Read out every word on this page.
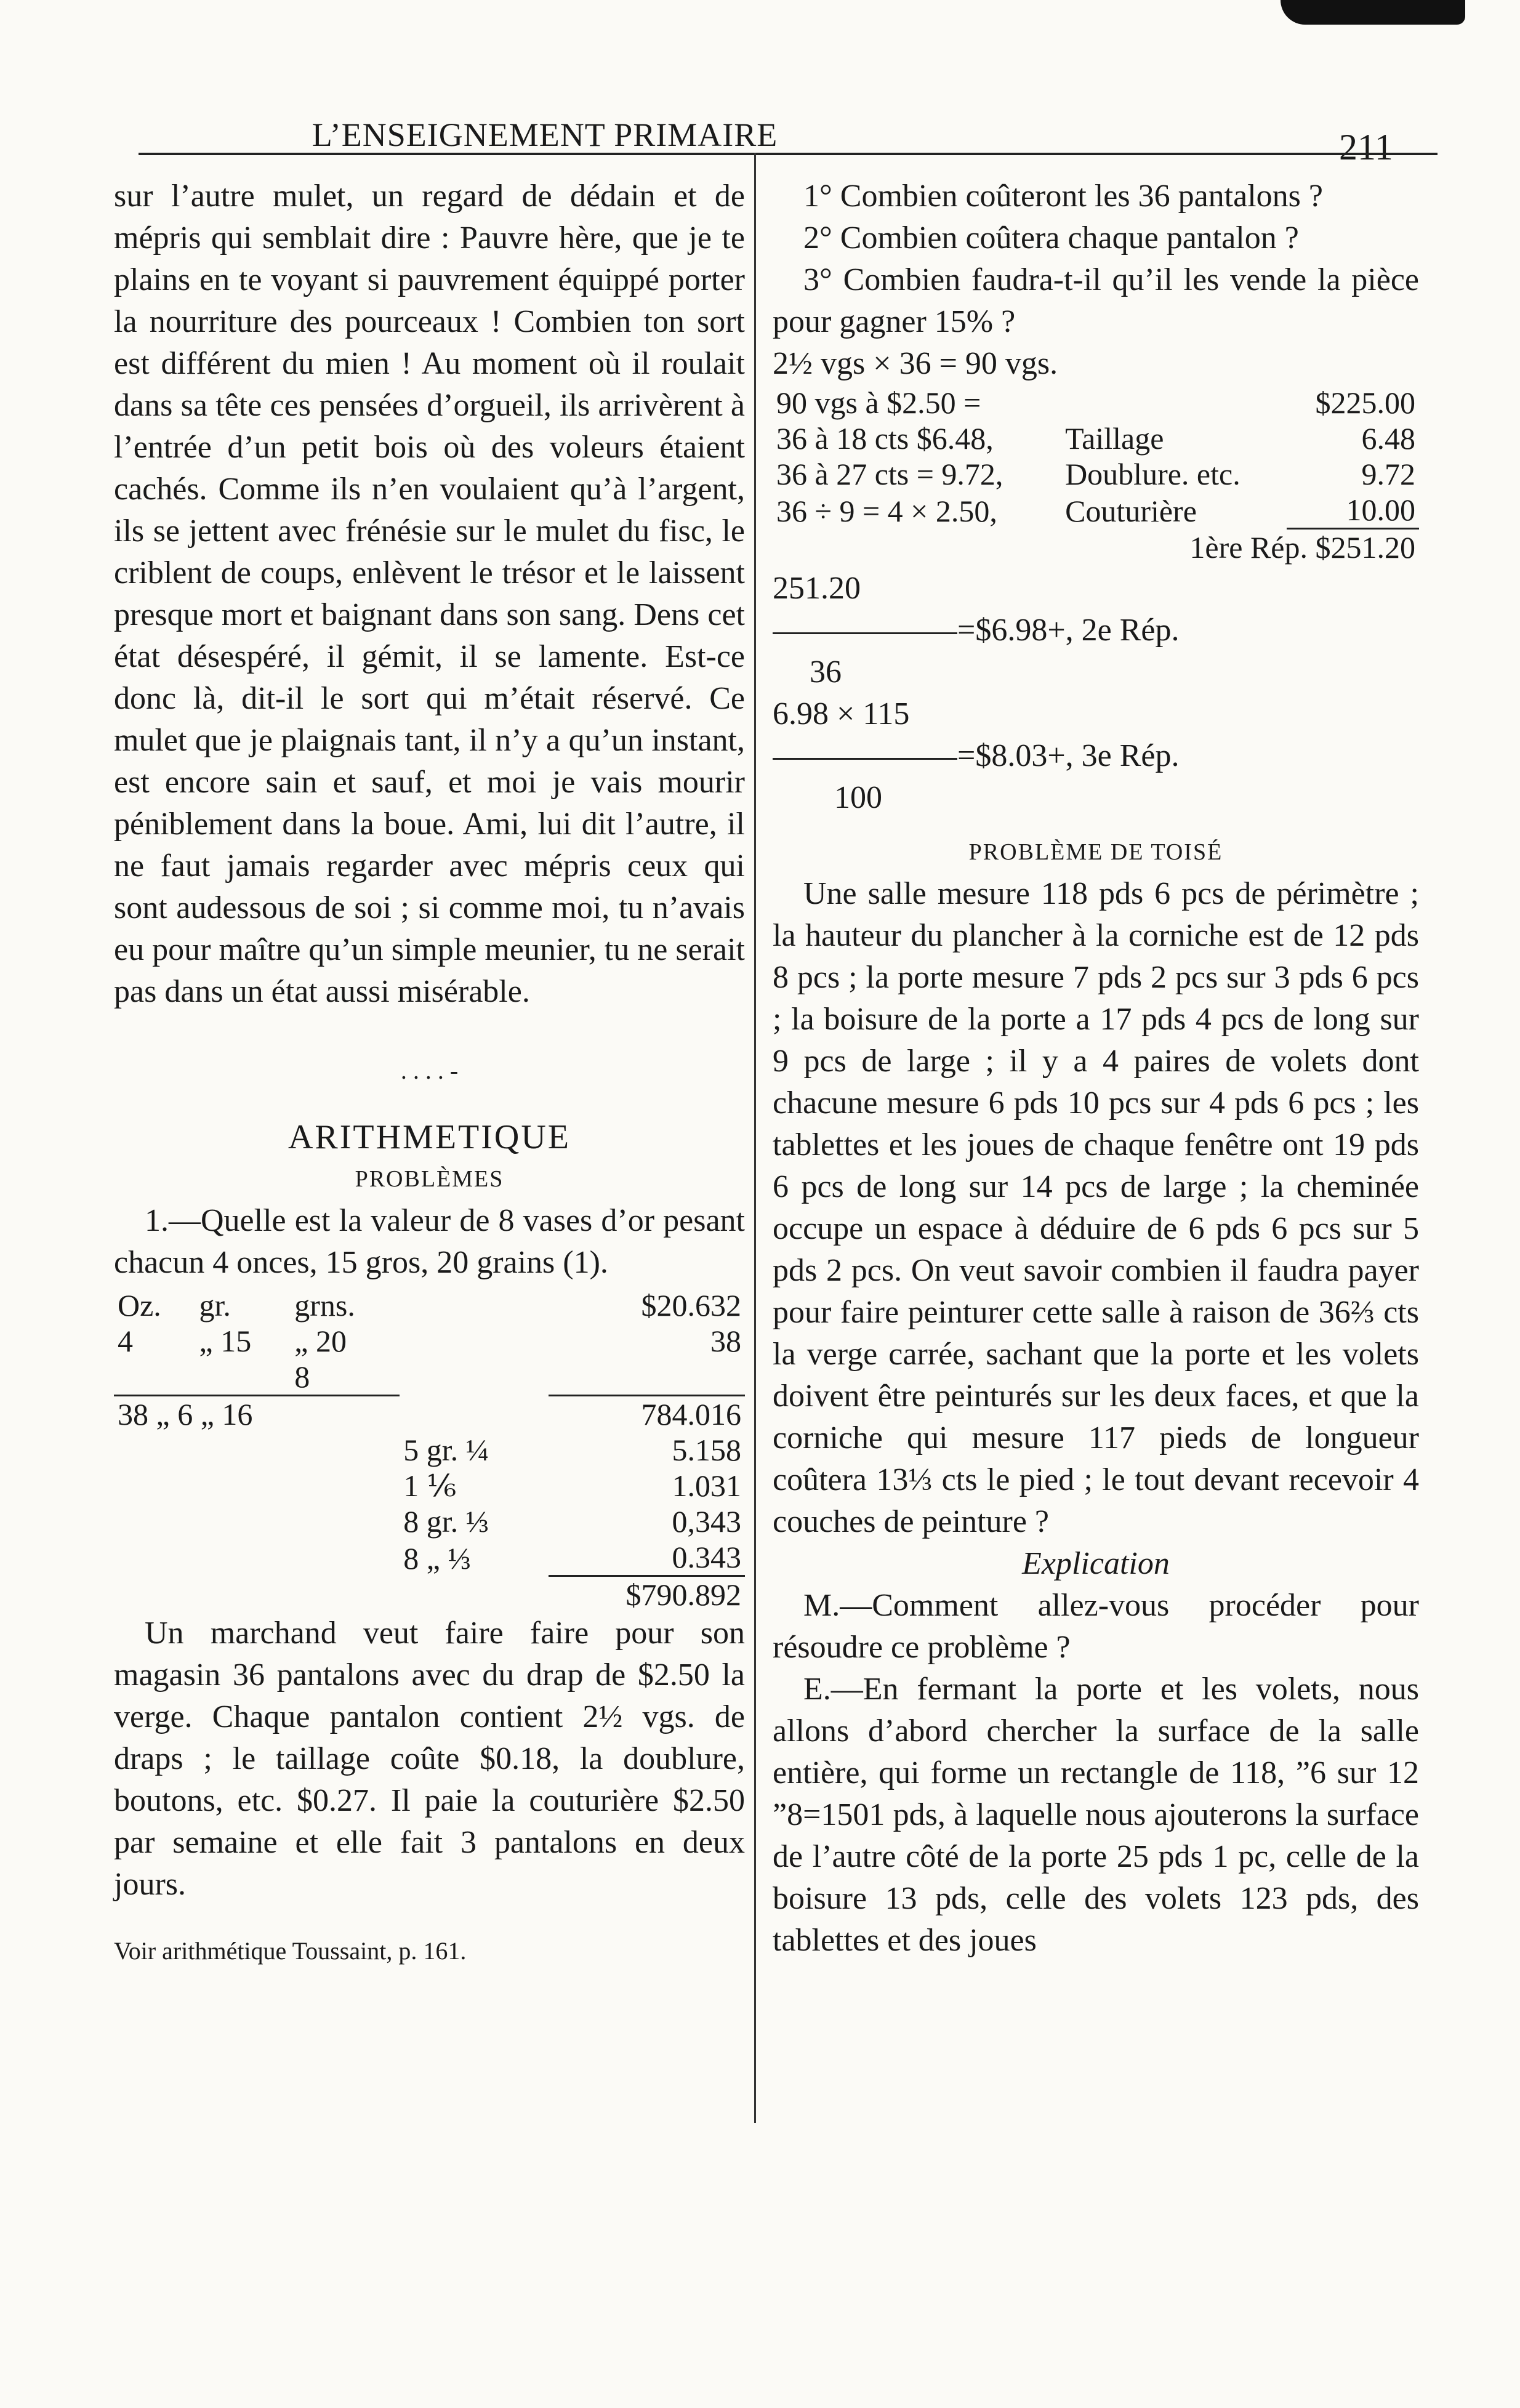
L’ENSEIGNEMENT PRIMAIRE	211

sur l’autre mulet, un regard de dédain et de mépris qui semblait dire : Pauvre hère, que je te plains en te voyant si pauvrement équippé porter la nourriture des pourceaux ! Combien ton sort est différent du mien ! Au moment où il roulait dans sa tête ces pensées d’orgueil, ils arrivèrent à l’entrée d’un petit bois où des voleurs étaient cachés. Comme ils n’en voulaient qu’à l’argent, ils se jettent avec frénésie sur le mulet du fisc, le criblent de coups, enlèvent le trésor et le laissent presque mort et baignant dans son sang. Dens cet état désespéré, il gémit, il se lamente. Est-ce donc là, dit-il le sort qui m’était réservé. Ce mulet que je plaignais tant, il n’y a qu’un instant, est encore sain et sauf, et moi je vais mourir péniblement dans la boue. Ami, lui dit l’autre, il ne faut jamais regarder avec mépris ceux qui sont audessous de soi ; si comme moi, tu n’avais eu pour maître qu’un simple meunier, tu ne serait pas dans un état aussi misérable.

. . . . -
ARITHMETIQUE
PROBLÈMES

1.—Quelle est la valeur de 8 vases d’or pesant chacun 4 onces, 15 gros, 20 grains (1).

Oz.	gr.	grns.		$20.632
4	„ 15	„ 20		38
		8		
38 „ 6 „ 16				784.016
			5 gr. ¼	5.158
			1 ⅙	1.031
			8 gr. ⅓	0,343
			8 „ ⅓	0.343
				$790.892

Un marchand veut faire faire pour son magasin 36 pantalons avec du drap de $2.50 la verge. Chaque pantalon contient 2½ vgs. de draps ; le taillage coûte $0.18, la doublure, boutons, etc. $0.27. Il paie la couturière $2.50 par semaine et elle fait 3 pantalons en deux jours.

Voir arithmétique Toussaint, p. 161.

1° Combien coûteront les 36 pantalons ?

2° Combien coûtera chaque pantalon ?

3° Combien faudra-t-il qu’il les vende la pièce pour gagner 15% ?

2½ vgs × 36 = 90 vgs.

90 vgs à $2.50 =		$225.00
36 à 18 cts $6.48,	Taillage	6.48
36 à 27 cts = 9.72,	Doublure. etc.	9.72
36 ÷ 9 = 4 × 2.50,	Couturière	10.00
1ère Rép. $251.20		
251.20
=$6.98+, 2e Rép.
36
6.98 × 115
=$8.03+, 3e Rép.
100
PROBLÈME DE TOISÉ

Une salle mesure 118 pds 6 pcs de périmètre ; la hauteur du plancher à la corniche est de 12 pds 8 pcs ; la porte mesure 7 pds 2 pcs sur 3 pds 6 pcs ; la boisure de la porte a 17 pds 4 pcs de long sur 9 pcs de large ; il y a 4 paires de volets dont chacune mesure 6 pds 10 pcs sur 4 pds 6 pcs ; les tablettes et les joues de chaque fenêtre ont 19 pds 6 pcs de long sur 14 pcs de large ; la cheminée occupe un espace à déduire de 6 pds 6 pcs sur 5 pds 2 pcs. On veut savoir combien il faudra payer pour faire peinturer cette salle à raison de 36⅔ cts la verge carrée, sachant que la porte et les volets doivent être peinturés sur les deux faces, et que la corniche qui mesure 117 pieds de longueur coûtera 13⅓ cts le pied ; le tout devant recevoir 4 couches de peinture ?

Explication

M.—Comment allez-vous procéder pour résoudre ce problème ?

E.—En fermant la porte et les volets, nous allons d’abord chercher la surface de la salle entière, qui forme un rectangle de 118, ”6 sur 12 ”8=1501 pds, à laquelle nous ajouterons la surface de l’autre côté de la porte 25 pds 1 pc, celle de la boisure 13 pds, celle des volets 123 pds, des tablettes et des joues
